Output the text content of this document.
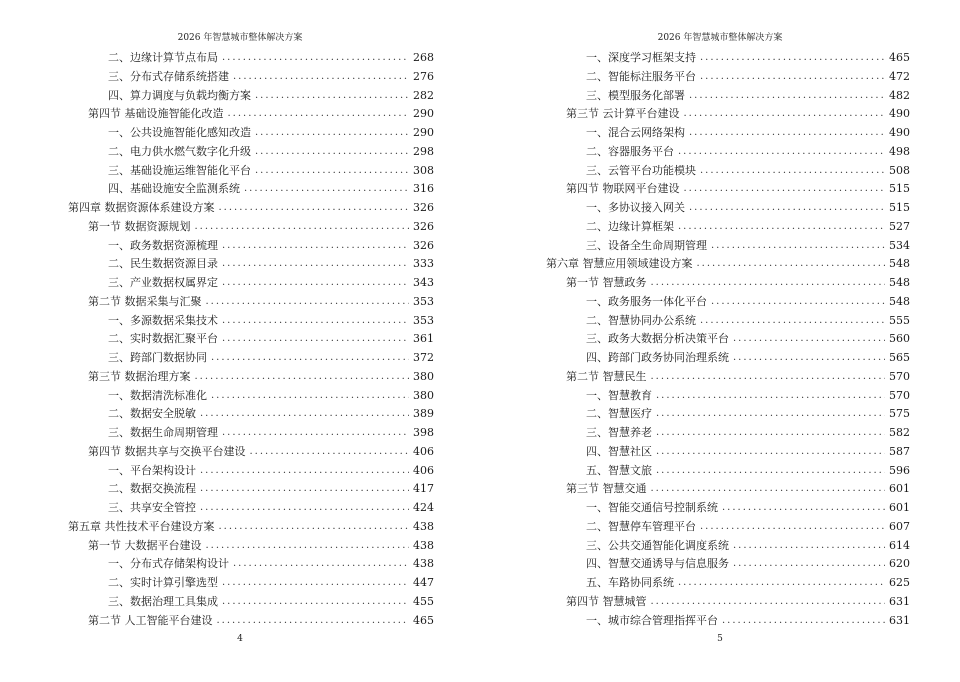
2026 年智慧城市整体解决方案
二、边缘计算节点布局 .....	268
三、分布式存储系统搭建 .....	276
四、算力调度与负载均衡方案 .....	282
第四节 基础设施智能化改造 .....	290
一、公共设施智能化感知改造 .....	290
二、电力供水燃气数字化升级 .....	298
三、基础设施运维智能化平台 .....	308
四、基础设施安全监测系统 .....	316
第四章 数据资源体系建设方案 .....	326
第一节 数据资源规划 .....	326
一、政务数据资源梳理 .....	326
二、民生数据资源目录 .....	333
三、产业数据权属界定 .....	343
第二节 数据采集与汇聚 .....	353
一、多源数据采集技术 .....	353
二、实时数据汇聚平台 .....	361
三、跨部门数据协同 .....	372
第三节 数据治理方案 .....	380
一、数据清洗标准化 .....	380
二、数据安全脱敏 .....	389
三、数据生命周期管理 .....	398
第四节 数据共享与交换平台建设 .....	406
一、平台架构设计 .....	406
二、数据交换流程 .....	417
三、共享安全管控 .....	424
第五章 共性技术平台建设方案 .....	438
第一节 大数据平台建设 .....	438
一、分布式存储架构设计 .....	438
二、实时计算引擎选型 .....	447
三、数据治理工具集成 .....	455
第二节 人工智能平台建设 .....	465
4
2026 年智慧城市整体解决方案
一、深度学习框架支持 .....	465
二、智能标注服务平台 .....	472
三、模型服务化部署 .....	482
第三节 云计算平台建设 .....	490
一、混合云网络架构 .....	490
二、容器服务平台 .....	498
三、云管平台功能模块 .....	508
第四节 物联网平台建设 .....	515
一、多协议接入网关 .....	515
二、边缘计算框架 .....	527
三、设备全生命周期管理 .....	534
第六章 智慧应用领域建设方案 .....	548
第一节 智慧政务 .....	548
一、政务服务一体化平台 .....	548
二、智慧协同办公系统 .....	555
三、政务大数据分析决策平台 .....	560
四、跨部门政务协同治理系统 .....	565
第二节 智慧民生 .....	570
一、智慧教育 .....	570
二、智慧医疗 .....	575
三、智慧养老 .....	582
四、智慧社区 .....	587
五、智慧文旅 .....	596
第三节 智慧交通 .....	601
一、智能交通信号控制系统 .....	601
二、智慧停车管理平台 .....	607
三、公共交通智能化调度系统 .....	614
四、智慧交通诱导与信息服务 .....	620
五、车路协同系统 .....	625
第四节 智慧城管 .....	631
一、城市综合管理指挥平台 .....	631
5
